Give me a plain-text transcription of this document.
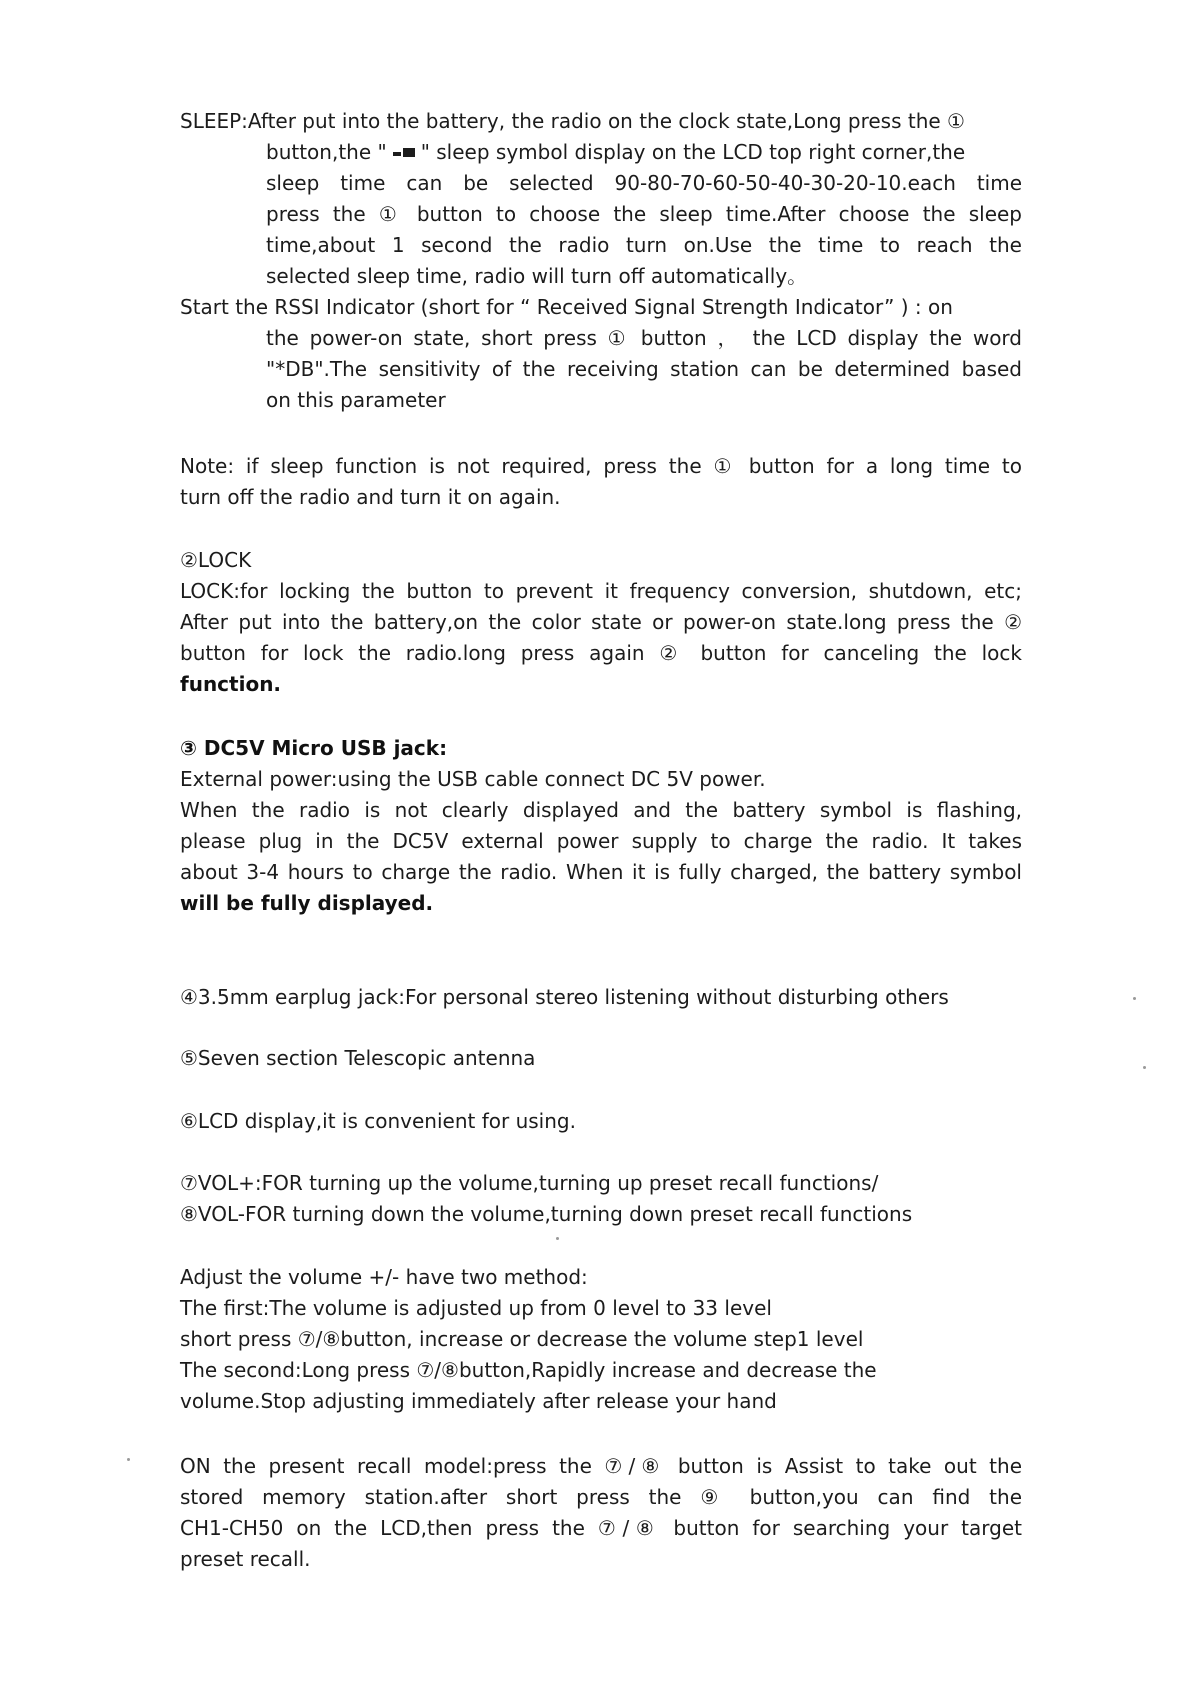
SLEEP:After put into the battery, the radio on the clock state,Long press the ①
button,the " " sleep symbol display on the LCD top right corner,the
sleep time can be selected 90-80-70-60-50-40-30-20-10.each time
press the ① button to choose the sleep time.After choose the sleep
time,about 1 second the radio turn on.Use the time to reach the
selected sleep time, radio will turn off automatically。
Start the RSSI Indicator (short for “ Received Signal Strength Indicator” ) : on
the power-on state, short press ① button ， the LCD display the word
"*DB".The sensitivity of the receiving station can be determined based
on this parameter
Note: if sleep function is not required, press the ① button for a long time to
turn off the radio and turn it on again.
②LOCK
LOCK:for locking the button to prevent it frequency conversion, shutdown, etc;
After put into the battery,on the color state or power-on state.long press the ②
button for lock the radio.long press again ② button for canceling the lock
function.
③ DC5V Micro USB jack:
External power:using the USB cable connect DC 5V power.
When the radio is not clearly displayed and the battery symbol is flashing,
please plug in the DC5V external power supply to charge the radio. It takes
about 3-4 hours to charge the radio. When it is fully charged, the battery symbol
will be fully displayed.
④3.5mm earplug jack:For personal stereo listening without disturbing others
⑤Seven section Telescopic antenna
⑥LCD display,it is convenient for using.
⑦VOL+:FOR turning up the volume,turning up preset recall functions/
⑧VOL-FOR turning down the volume,turning down preset recall functions
Adjust the volume +/- have two method:
The first:The volume is adjusted up from 0 level to 33 level
short press ⑦/⑧button, increase or decrease the volume step1 level
The second:Long press ⑦/⑧button,Rapidly increase and decrease the
volume.Stop adjusting immediately after release your hand
ON the present recall model:press the ⑦/⑧ button is Assist to take out the
stored memory station.after short press the ⑨ button,you can find the
CH1-CH50 on the LCD,then press the ⑦/⑧ button for searching your target
preset recall.
